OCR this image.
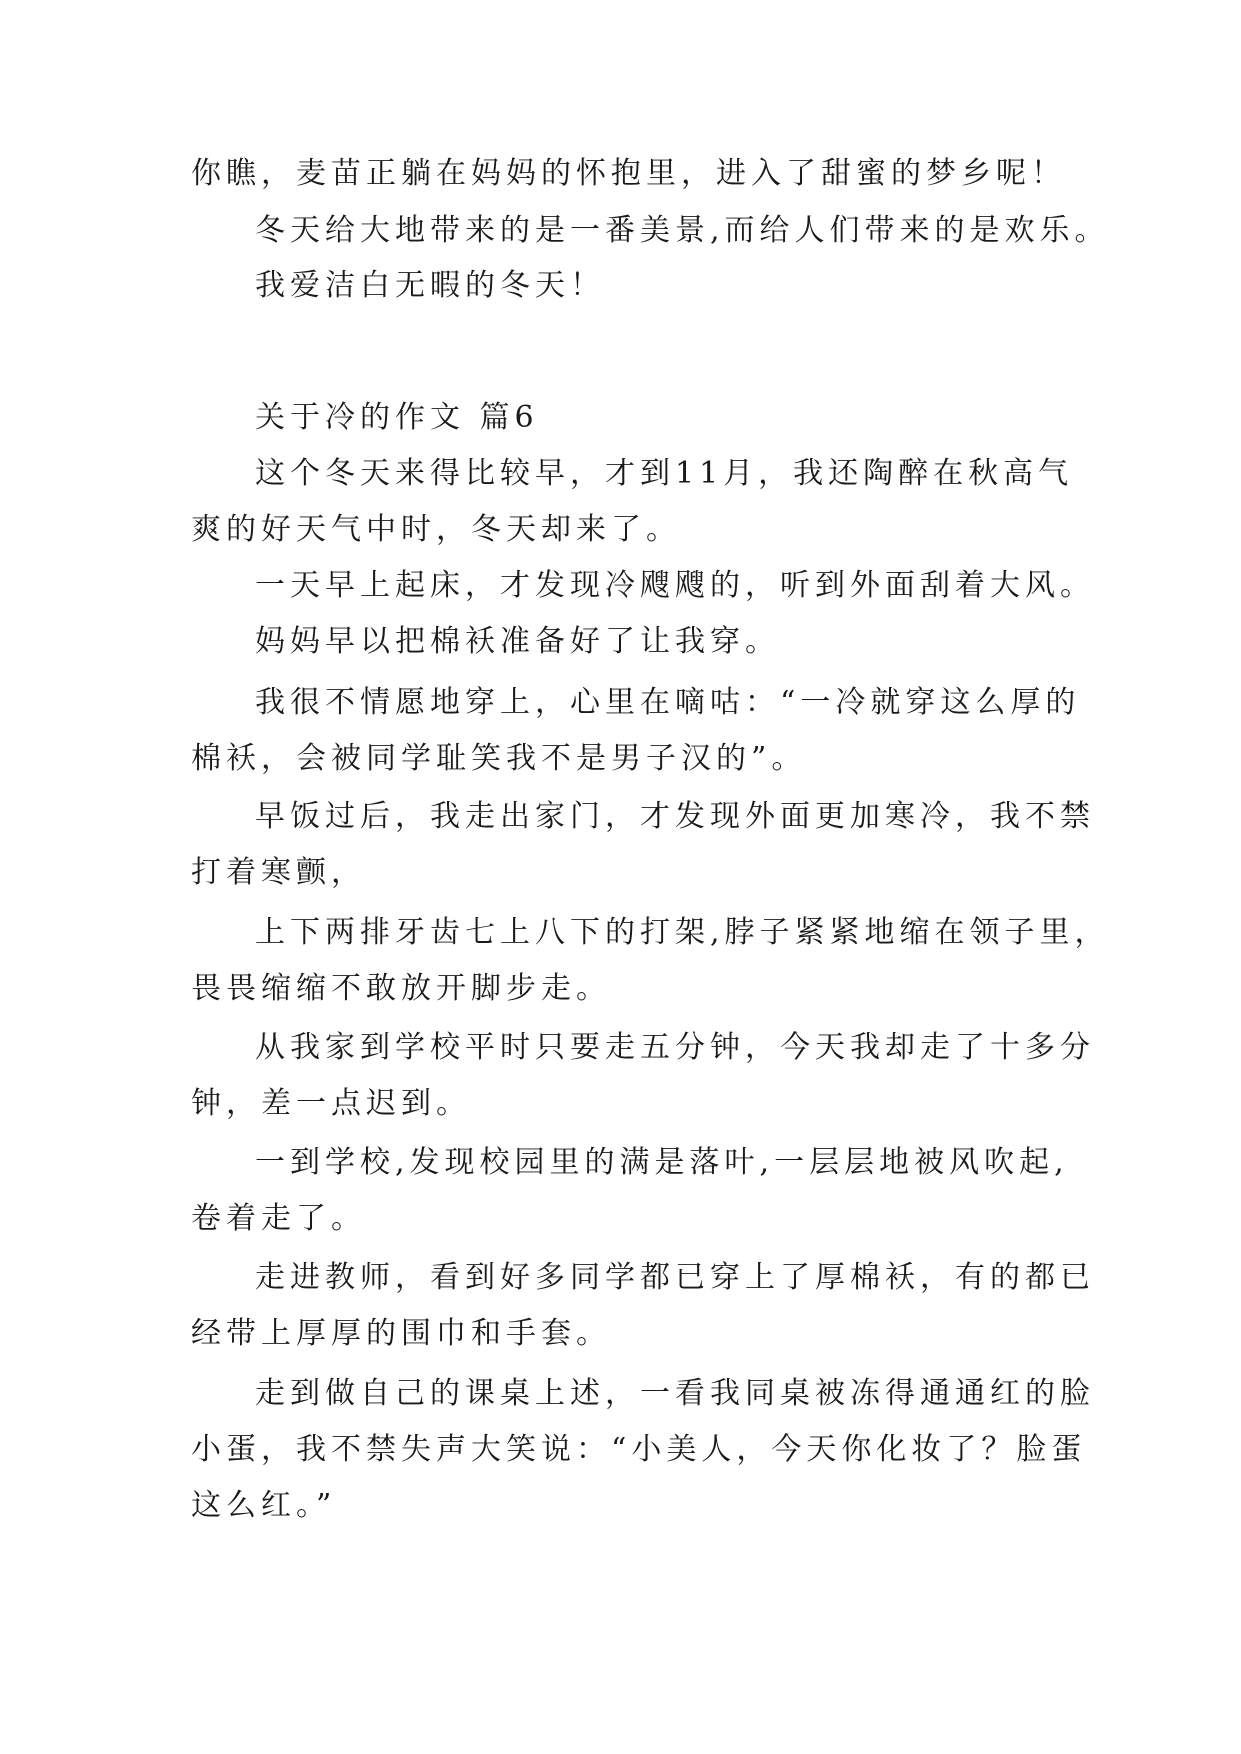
你瞧，麦苗正躺在妈妈的怀抱里，进入了甜蜜的梦乡呢！
冬天给大地带来的是一番美景,而给人们带来的是欢乐。
我爱洁白无暇的冬天！
关于冷的作文 篇6
这个冬天来得比较早，才到11月，我还陶醉在秋高气
爽的好天气中时，冬天却来了。
一天早上起床，才发现冷飕飕的，听到外面刮着大风。
妈妈早以把棉袄准备好了让我穿。
我很不情愿地穿上，心里在嘀咕：“一冷就穿这么厚的
棉袄，会被同学耻笑我不是男子汉的”。
早饭过后，我走出家门，才发现外面更加寒冷，我不禁
打着寒颤，
上下两排牙齿七上八下的打架,脖子紧紧地缩在领子里，
畏畏缩缩不敢放开脚步走。
从我家到学校平时只要走五分钟，今天我却走了十多分
钟，差一点迟到。
一到学校,发现校园里的满是落叶,一层层地被风吹起,
卷着走了。
走进教师，看到好多同学都已穿上了厚棉袄，有的都已
经带上厚厚的围巾和手套。
走到做自己的课桌上述，一看我同桌被冻得通通红的脸
小蛋，我不禁失声大笑说：“小美人，今天你化妆了？脸蛋
这么红。”
